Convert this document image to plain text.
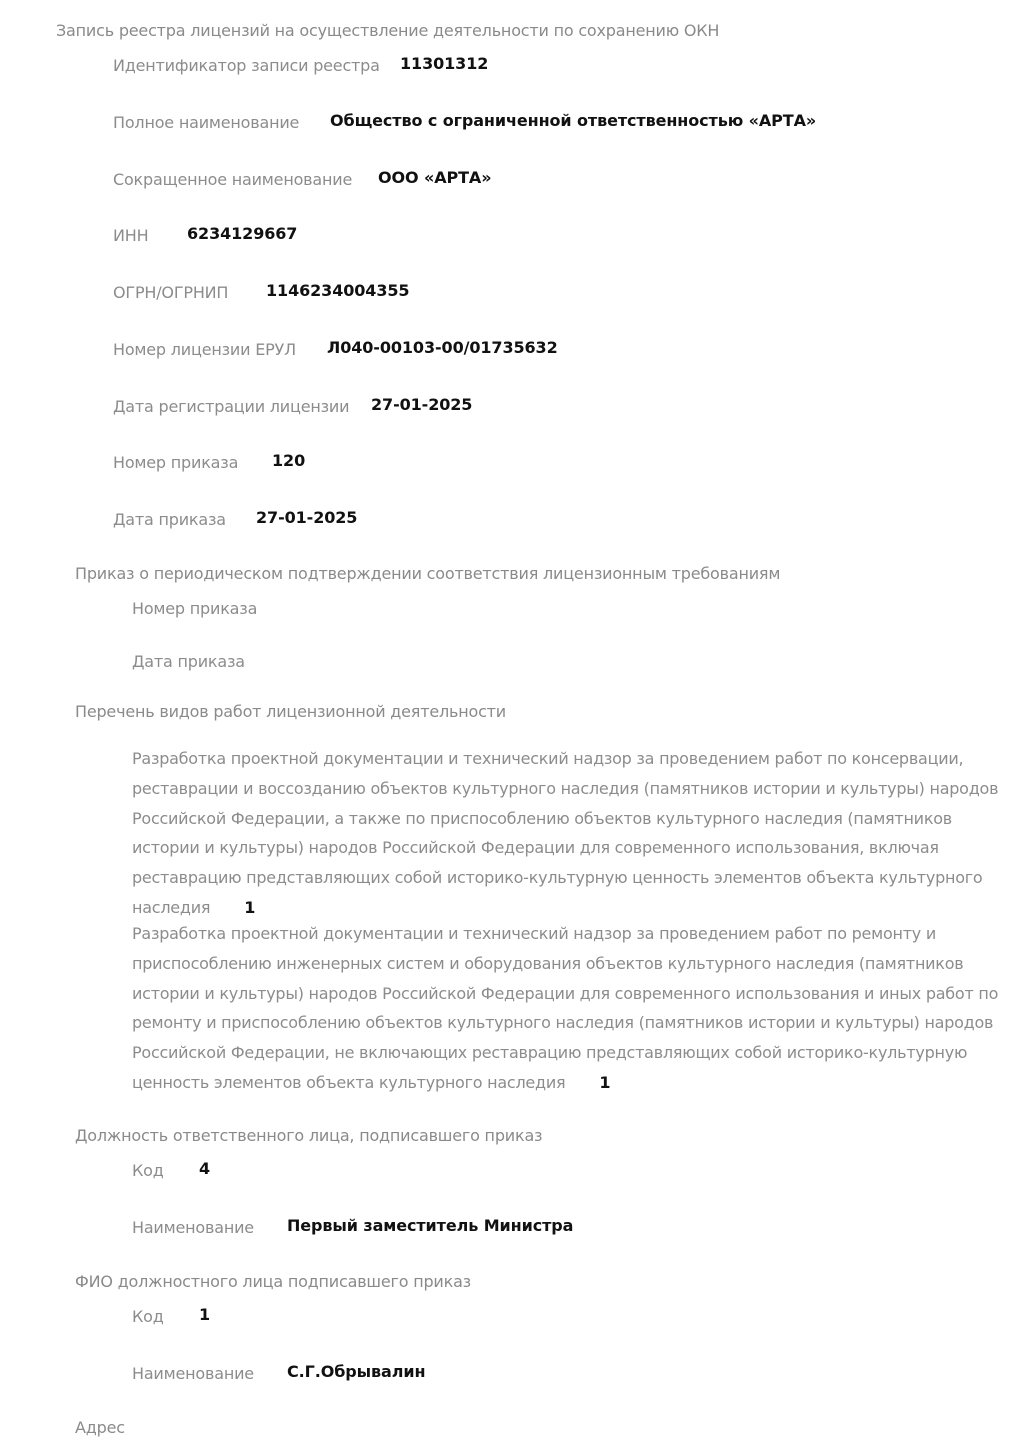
Запись реестра лицензий на осуществление деятельности по сохранению ОКН
Идентификатор записи реестра 11301312
Полное наименование Общество с ограниченной ответственностью «АРТА»
Сокращенное наименование ООО «АРТА»
ИНН 6234129667
ОГРН/ОГРНИП 1146234004355
Номер лицензии ЕРУЛ Л040-00103-00/01735632
Дата регистрации лицензии 27-01-2025
Номер приказа 120
Дата приказа 27-01-2025
Приказ о периодическом подтверждении соответствия лицензионным требованиям
Номер приказа
Дата приказа
Перечень видов работ лицензионной деятельности
Разработка проектной документации и технический надзор за проведением работ по консервации, реставрации и воссозданию объектов культурного наследия (памятников истории и культуры) народов Российской Федерации, а также по приспособлению объектов культурного наследия (памятников истории и культуры) народов Российской Федерации для современного использования, включая реставрацию представляющих собой историко-культурную ценность элементов объекта культурного наследия 1
Разработка проектной документации и технический надзор за проведением работ по ремонту и приспособлению инженерных систем и оборудования объектов культурного наследия (памятников истории и культуры) народов Российской Федерации для современного использования и иных работ по ремонту и приспособлению объектов культурного наследия (памятников истории и культуры) народов Российской Федерации, не включающих реставрацию представляющих собой историко-культурную ценность элементов объекта культурного наследия 1
Должность ответственного лица, подписавшего приказ
Код 4
Наименование Первый заместитель Министра
ФИО должностного лица подписавшего приказ
Код 1
Наименование С.Г.Обрывалин
Адрес
